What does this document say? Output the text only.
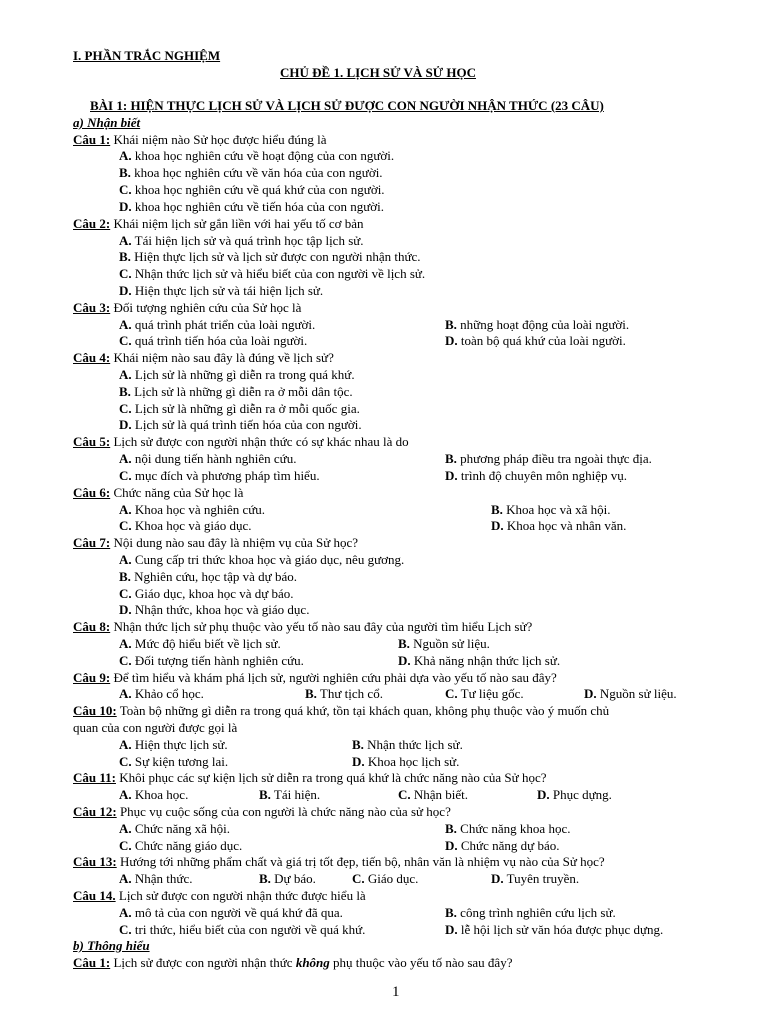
I. PHẦN TRẮC NGHIỆM
CHỦ ĐỀ 1. LỊCH SỬ VÀ SỬ HỌC
BÀI 1: HIỆN THỰC LỊCH SỬ VÀ LỊCH SỬ ĐƯỢC CON NGƯỜI NHẬN THỨC (23 CÂU)
a) Nhận biết
Câu 1: Khái niệm nào Sử học được hiểu đúng là
A. khoa học nghiên cứu về hoạt động của con người.
B. khoa học nghiên cứu về văn hóa của con người.
C. khoa học nghiên cứu về quá khứ của con người.
D. khoa học nghiên cứu về tiến hóa của con người.
Câu 2: Khái niệm lịch sử gắn liền với hai yếu tố cơ bản
A. Tái hiện lịch sử và quá trình học tập lịch sử.
B. Hiện thực lịch sử và lịch sử được con người nhận thức.
C. Nhận thức lịch sử và hiểu biết của con người về lịch sử.
D. Hiện thực lịch sử và tái hiện lịch sử.
Câu 3: Đối tượng nghiên cứu của Sử học là
A. quá trình phát triển của loài người.	B. những hoạt động của loài người.
C. quá trình tiến hóa của loài người.	D. toàn bộ quá khứ của loài người.
Câu 4: Khái niệm nào sau đây là đúng về lịch sử?
A. Lịch sử là những gì diễn ra trong quá khứ.
B. Lịch sử là những gì diễn ra ở mỗi dân tộc.
C. Lịch sử là những gì diễn ra ở mỗi quốc gia.
D. Lịch sử là quá trình tiến hóa của con người.
Câu 5: Lịch sử được con người nhận thức có sự khác nhau là do
A. nội dung tiến hành nghiên cứu.	B. phương pháp điều tra ngoài thực địa.
C. mục đích và phương pháp tìm hiểu.	D. trình độ chuyên môn nghiệp vụ.
Câu 6: Chức năng của Sử học là
A. Khoa học và nghiên cứu.	B. Khoa học và xã hội.
C. Khoa học và giáo dục.	D. Khoa học và nhân văn.
Câu 7: Nội dung nào sau đây là nhiệm vụ của Sử học?
A. Cung cấp tri thức khoa học và giáo dục, nêu gương.
B. Nghiên cứu, học tập và dự báo.
C. Giáo dục, khoa học và dự báo.
D. Nhận thức, khoa học và giáo dục.
Câu 8: Nhận thức lịch sử phụ thuộc vào yếu tố nào sau đây của người tìm hiểu Lịch sử?
A. Mức độ hiểu biết về lịch sử.	B. Nguồn sử liệu.
C. Đối tượng tiến hành nghiên cứu.	D. Khả năng nhận thức lịch sử.
Câu 9: Để tìm hiểu và khám phá lịch sử, người nghiên cứu phải dựa vào yếu tố nào sau đây?
A. Khảo cổ học.	B. Thư tịch cổ.	C. Tư liệu gốc.	D. Nguồn sử liệu.
Câu 10: Toàn bộ những gì diễn ra trong quá khứ, tồn tại khách quan, không phụ thuộc vào ý muốn chủ
quan của con người được gọi là
A. Hiện thực lịch sử.	B. Nhận thức lịch sử.
C. Sự kiện tương lai.	D. Khoa học lịch sử.
Câu 11: Khôi phục các sự kiện lịch sử diễn ra trong quá khứ là chức năng nào của Sử học?
A. Khoa học.	B. Tái hiện.	C. Nhận biết.	D. Phục dựng.
Câu 12: Phục vụ cuộc sống của con người là chức năng nào của sử học?
A. Chức năng xã hội.	B. Chức năng khoa học.
C. Chức năng giáo dục.	D. Chức năng dự báo.
Câu 13: Hướng tới những phẩm chất và giá trị tốt đẹp, tiến bộ, nhân văn là nhiệm vụ nào của Sử học?
A. Nhận thức.	B. Dự báo.	C. Giáo dục.	D. Tuyên truyền.
Câu 14. Lịch sử được con người nhận thức được hiểu là
A. mô tả của con người về quá khứ đã qua.	B. công trình nghiên cứu lịch sử.
C. tri thức, hiểu biết của con người về quá khứ.	D. lễ hội lịch sử văn hóa được phục dựng.
b) Thông hiểu
Câu 1: Lịch sử được con người nhận thức không phụ thuộc vào yếu tố nào sau đây?
1
